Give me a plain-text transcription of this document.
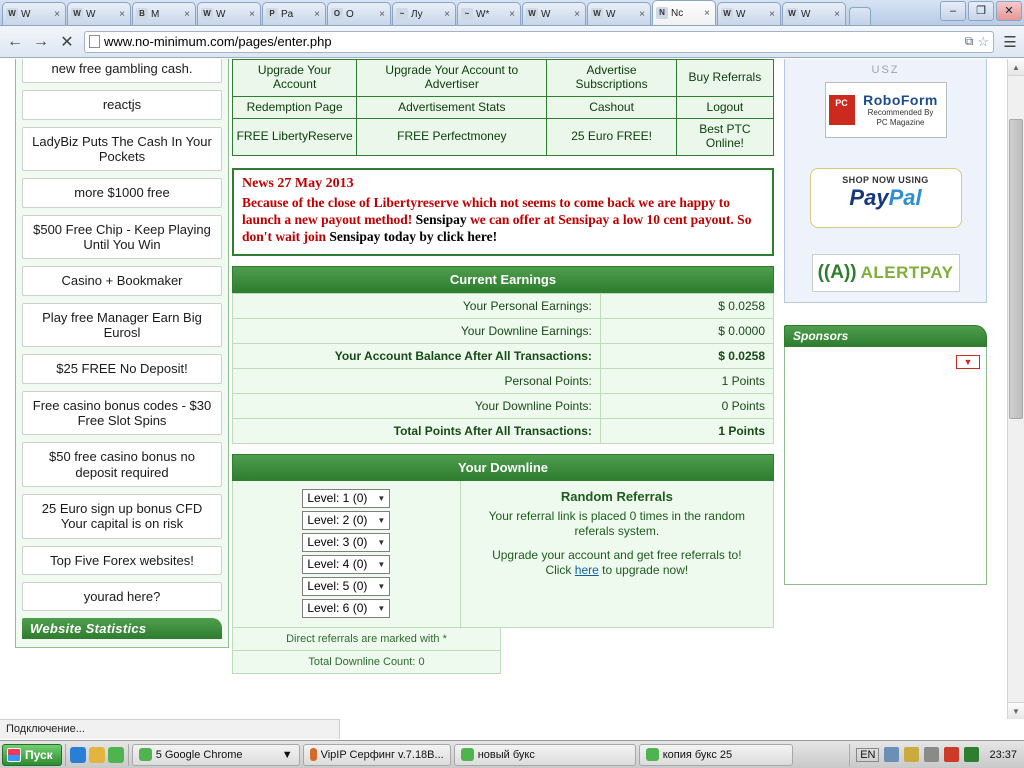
W W	× W W	×	B M	× W W	×	P Pa	×	O O	×	~ Лу	×	~ W*	× W W	× W W	×	N Nc	× W W	× W W	×	–	❐	✕
← → ✕ www.no-minimum.com/pages/enter.php	⧉ ☆ ☰
new free gambling cash.
reactjs
LadyBiz Puts The Cash In Your Pockets
more $1000 free
$500 Free Chip - Keep Playing Until You Win
Casino + Bookmaker
Play free Manager Earn Big Eurosl
$25 FREE No Deposit!
Free casino bonus codes - $30 Free Slot Spins
$50 free casino bonus no deposit required
25 Euro sign up bonus CFD Your capital is on risk
Top Five Forex websites!
yourad here?
Website Statistics
Upgrade Your Account	Upgrade Your Account to Advertiser	Advertise Subscriptions	Buy Referrals
Redemption Page	Advertisement Stats	Cashout	Logout
FREE LibertyReserve	FREE Perfectmoney	25 Euro FREE!	Best PTC Online!
News 27 May 2013
Because of the close of Libertyreserve which not seems to come back we are happy to launch a new payout method! Sensipay we can offer at Sensipay a low 10 cent payout. So don't wait join Sensipay today by click here!
Current Earnings
Your Personal Earnings:	$ 0.0258
Your Downline Earnings:	$ 0.0000
Your Account Balance After All Transactions:	$ 0.0258
Personal Points:	1 Points
Your Downline Points:	0 Points
Total Points After All Transactions:	1 Points
Your Downline
Level: 1 (0) ▼
Level: 2 (0) ▼
Level: 3 (0) ▼
Level: 4 (0) ▼
Level: 5 (0) ▼
Level: 6 (0) ▼
Random Referrals
Your referral link is placed 0 times in the random referals system.
Upgrade your account and get free referrals to!
Click here to upgrade now!
Direct referrals are marked with *
Total Downline Count: 0
USZ
PC	RoboForm
Recommended By
PC Magazine
SHOP NOW USING
PayPal
((A)) ALERTPAY
Sponsors
▼
▲
▼
Подключение...
Пуск	5 Google Chrome	▼	VipIP Серфинг v.7.18B...	новый букс	копия букс 25	EN	23:37
